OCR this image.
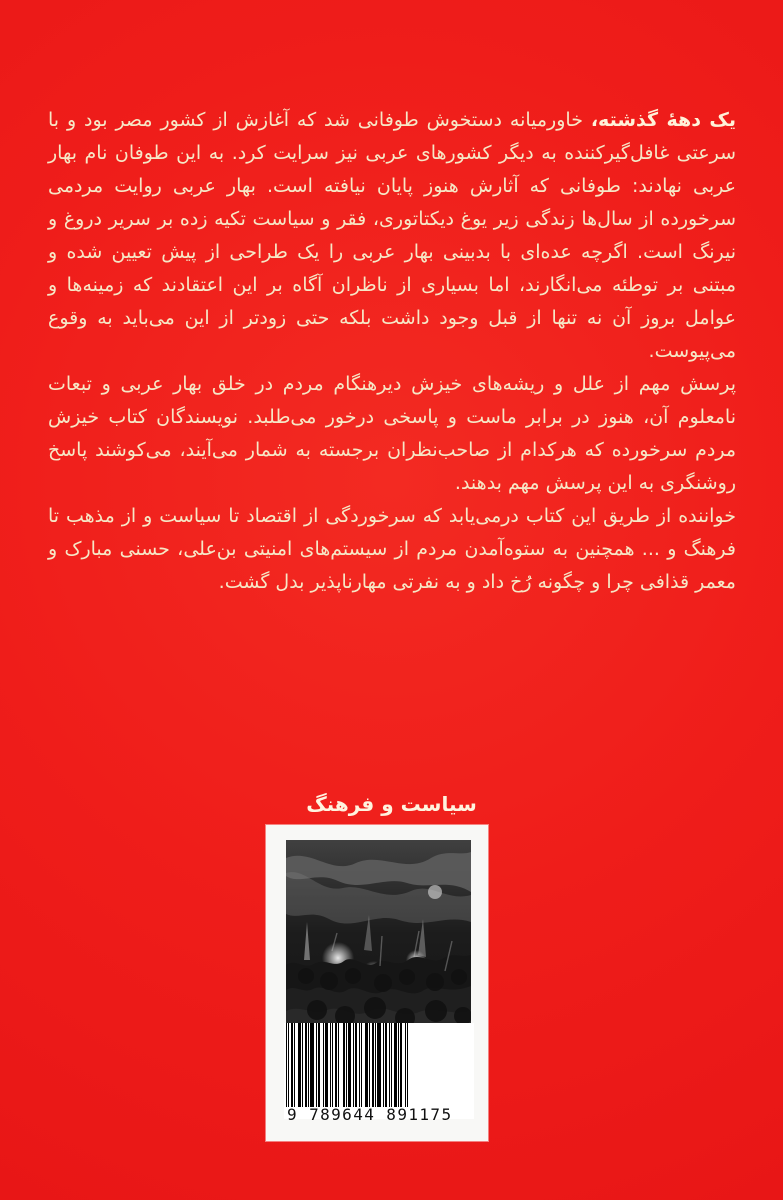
یک دههٔ گذشته، خاورمیانه دستخوش طوفانی شد که آغازش از کشور مصر بود و با سرعتی غافل‌گیرکننده به دیگر کشورهای عربی نیز سرایت کرد. به این طوفان نام بهار عربی نهادند: طوفانی که آثارش هنوز پایان نیافته است. بهار عربی روایت مردمی سرخورده از سال‌ها زندگی زیر یوغ دیکتاتوری، فقر و سیاست تکیه زده بر سریر دروغ و نیرنگ است. اگرچه عده‌ای با بدبینی بهار عربی را یک طراحی از پیش تعیین شده و مبتنی بر توطئه می‌انگارند، اما بسیاری از ناظران آگاه بر این اعتقادند که زمینه‌ها و عوامل بروز آن نه تنها از قبل وجود داشت بلکه حتی زودتر از این می‌باید به وقوع می‌پیوست.

پرسش مهم از علل و ریشه‌های خیزش دیرهنگام مردم در خلق بهار عربی و تبعات نامعلوم آن، هنوز در برابر ماست و پاسخی درخور می‌طلبد. نویسندگان کتاب خیزش مردم سرخورده که هرکدام از صاحب‌نظران برجسته به شمار می‌آیند، می‌کوشند پاسخ روشنگری به این پرسش مهم بدهند.

خواننده از طریق این کتاب درمی‌یابد که سرخوردگی از اقتصاد تا سیاست و از مذهب تا فرهنگ و ... همچنین به ستوه‌آمدن مردم از سیستم‌های امنیتی بن‌علی، حسنی مبارک و معمر قذافی چرا و چگونه رُخ داد و به نفرتی مهارناپذیر بدل گشت.

سیاست و فرهنگ
9 789644 891175
